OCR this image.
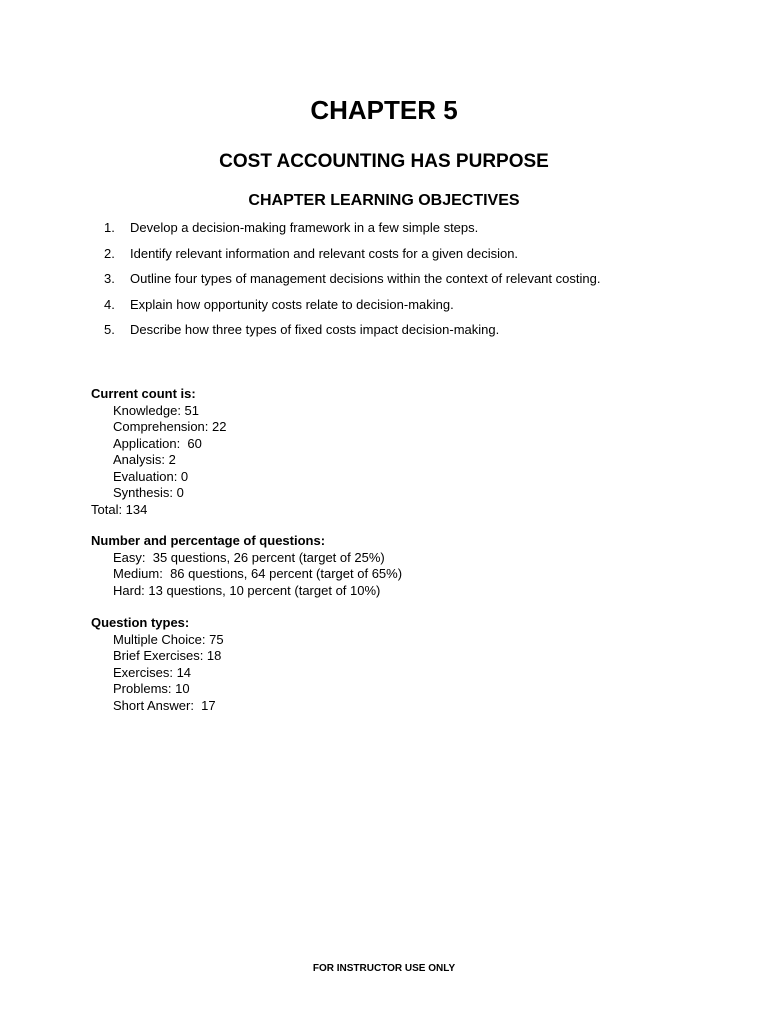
CHAPTER 5
COST ACCOUNTING HAS PURPOSE
CHAPTER LEARNING OBJECTIVES
1. Develop a decision-making framework in a few simple steps.
2. Identify relevant information and relevant costs for a given decision.
3. Outline four types of management decisions within the context of relevant costing.
4. Explain how opportunity costs relate to decision-making.
5. Describe how three types of fixed costs impact decision-making.
Current count is:
Knowledge: 51
Comprehension: 22
Application:  60
Analysis: 2
Evaluation: 0
Synthesis: 0
Total: 134
Number and percentage of questions:
Easy:  35 questions, 26 percent (target of 25%)
Medium:  86 questions, 64 percent (target of 65%)
Hard: 13 questions, 10 percent (target of 10%)
Question types:
Multiple Choice: 75
Brief Exercises: 18
Exercises: 14
Problems: 10
Short Answer:  17
FOR INSTRUCTOR USE ONLY
